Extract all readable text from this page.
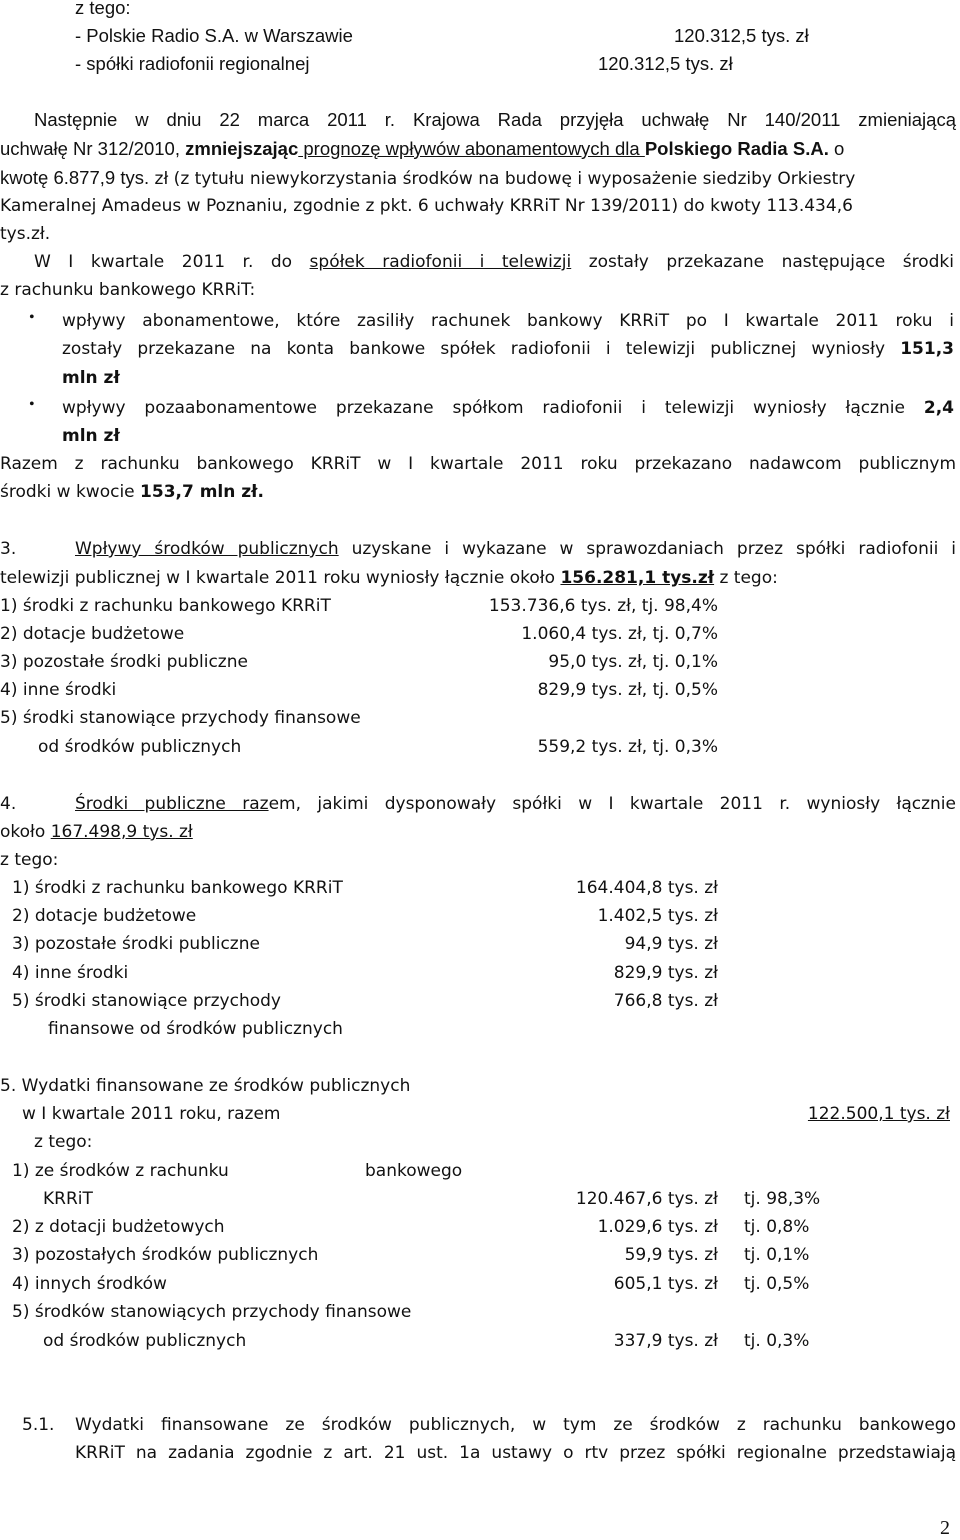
z tego:
- Polskie Radio S.A. w Warszawie	120.312,5 tys. zł
- spółki radiofonii regionalnej	120.312,5 tys. zł
Następnie w dniu 22 marca 2011 r. Krajowa Rada przyjęła uchwałę Nr 140/2011 zmieniającą
uchwałę Nr 312/2010, zmniejszając prognozę wpływów abonamentowych dla Polskiego Radia S.A. o
kwotę 6.877,9 tys. zł (z tytułu niewykorzystania środków na budowę i wyposażenie siedziby Orkiestry
Kameralnej Amadeus w Poznaniu, zgodnie z pkt. 6 uchwały KRRiT Nr 139/2011) do kwoty 113.434,6
tys.zł.
W I kwartale 2011 r. do spółek radiofonii i telewizji zostały przekazane następujące środki
z rachunku bankowego KRRiT:
• wpływy abonamentowe, które zasiliły rachunek bankowy KRRiT po I kwartale 2011 roku i
zostały przekazane na konta bankowe spółek radiofonii i telewizji publicznej wyniosły 151,3
mln zł
• wpływy pozaabonamentowe przekazane spółkom radiofonii i telewizji wyniosły łącznie 2,4
mln zł
Razem z rachunku bankowego KRRiT w I kwartale 2011 roku przekazano nadawcom publicznym
środki w kwocie 153,7 mln zł.
3.	Wpływy środków publicznych uzyskane i wykazane w sprawozdaniach przez spółki radiofonii i
telewizji publicznej w I kwartale 2011 roku wyniosły łącznie około 156.281,1 tys.zł z tego:
1) środki z rachunku bankowego KRRiT	153.736,6 tys. zł, tj. 98,4%
2) dotacje budżetowe	1.060,4 tys. zł, tj. 0,7%
3) pozostałe środki publiczne	95,0 tys. zł, tj. 0,1%
4) inne środki	829,9 tys. zł, tj. 0,5%
5) środki stanowiące przychody finansowe
od środków publicznych	559,2 tys. zł, tj. 0,3%
4.	Środki publiczne razem, jakimi dysponowały spółki w I kwartale 2011 r. wyniosły łącznie
około 167.498,9 tys. zł
z tego:
1) środki z rachunku bankowego KRRiT	164.404,8 tys. zł
2) dotacje budżetowe	1.402,5 tys. zł
3) pozostałe środki publiczne	94,9 tys. zł
4) inne środki	829,9 tys. zł
5) środki stanowiące przychody	766,8 tys. zł
finansowe od środków publicznych
5. Wydatki finansowane ze środków publicznych
w I kwartale 2011 roku, razem	122.500,1 tys. zł
z tego:
1) ze środków z rachunku	bankowego
KRRiT	120.467,6 tys. zł tj. 98,3%
2) z dotacji budżetowych	1.029,6 tys. zł tj. 0,8%
3) pozostałych środków publicznych	59,9 tys. zł tj. 0,1%
4) innych środków	605,1 tys. zł tj. 0,5%
5) środków stanowiących przychody finansowe
od środków publicznych	337,9 tys. zł tj. 0,3%
5.1. Wydatki finansowane ze środków publicznych, w tym ze środków z rachunku bankowego
KRRiT na zadania zgodnie z art. 21 ust. 1a ustawy o rtv przez spółki regionalne przedstawiają
2
